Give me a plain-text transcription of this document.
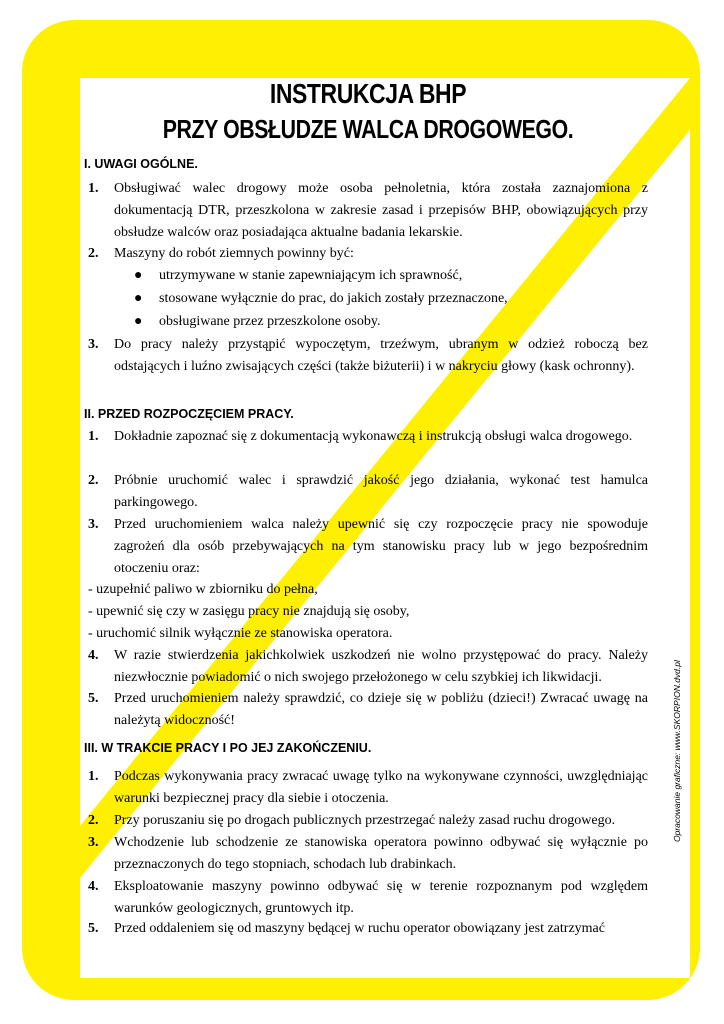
INSTRUKCJA BHP
PRZY OBSŁUDZE WALCA DROGOWEGO.
I. UWAGI OGÓLNE.
1. Obsługiwać walec drogowy może osoba pełnoletnia, która została zaznajomiona z dokumentacją DTR, przeszkolona w zakresie zasad i przepisów BHP, obowiązujących przy obsłudze walców oraz posiadająca aktualne badania lekarskie.
2. Maszyny do robót ziemnych powinny być:
● utrzymywane w stanie zapewniającym ich sprawność,
● stosowane wyłącznie do prac, do jakich zostały przeznaczone,
● obsługiwane przez przeszkolone osoby.
3. Do pracy należy przystąpić wypoczętym, trzeźwym, ubranym w odzież roboczą bez odstających i luźno zwisających części (także biżuterii) i w nakryciu głowy (kask ochronny).
II. PRZED ROZPOCZĘCIEM PRACY.
1. Dokładnie zapoznać się z dokumentacją wykonawczą i instrukcją obsługi walca drogowego.
2. Próbnie uruchomić walec i sprawdzić jakość jego działania, wykonać test hamulca parkingowego.
3. Przed uruchomieniem walca należy upewnić się czy rozpoczęcie pracy nie spowoduje zagrożeń dla osób przebywających na tym stanowisku pracy lub w jego bezpośrednim otoczeniu oraz:
- uzupełnić paliwo w zbiorniku do pełna,
- upewnić się czy w zasięgu pracy nie znajdują się osoby,
- uruchomić silnik wyłącznie ze stanowiska operatora.
4. W razie stwierdzenia jakichkolwiek uszkodzeń nie wolno przystępować do pracy. Należy niezwłocznie powiadomić o nich swojego przełożonego w celu szybkiej ich likwidacji.
5. Przed uruchomieniem należy sprawdzić, co dzieje się w pobliżu (dzieci!) Zwracać uwagę na należytą widoczność!
III. W TRAKCIE PRACY I PO JEJ ZAKOŃCZENIU.
1. Podczas wykonywania pracy zwracać uwagę tylko na wykonywane czynności, uwzględniając warunki bezpiecznej pracy dla siebie i otoczenia.
2. Przy poruszaniu się po drogach publicznych przestrzegać należy zasad ruchu drogowego.
3. Wchodzenie lub schodzenie ze stanowiska operatora powinno odbywać się wyłącznie po przeznaczonych do tego stopniach, schodach lub drabinkach.
4. Eksploatowanie maszyny powinno odbywać się w terenie rozpoznanym pod względem warunków geologicznych, gruntowych itp.
5. Przed oddaleniem się od maszyny będącej w ruchu operator obowiązany jest zatrzymać
Opracowanie graficzne: www.SKORPION.dvd.pl
